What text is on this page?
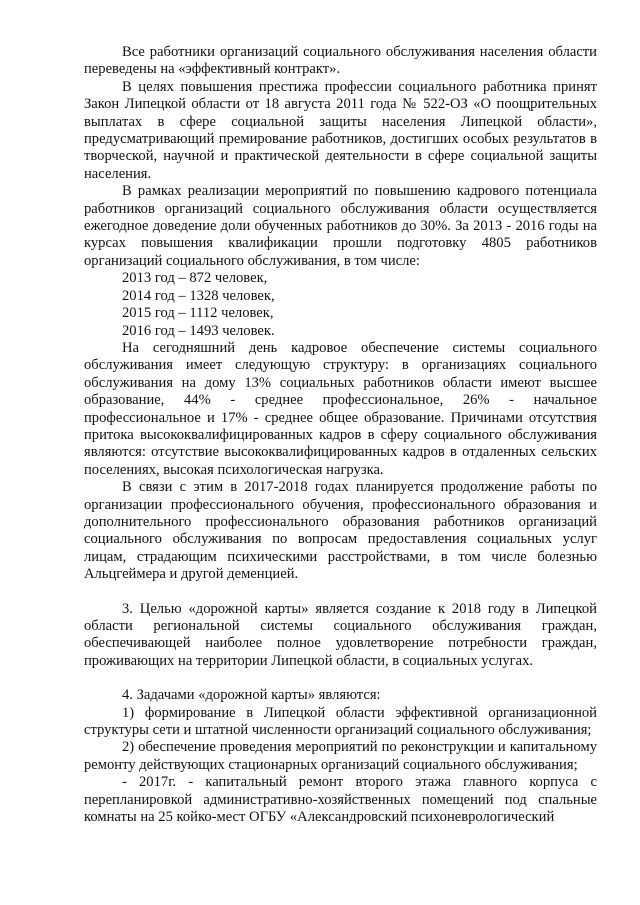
Все работники организаций социального обслуживания населения области переведены на «эффективный контракт».

В целях повышения престижа профессии социального работника принят Закон Липецкой области от 18 августа 2011 года № 522-ОЗ «О поощрительных выплатах в сфере социальной защиты населения Липецкой области», предусматривающий премирование работников, достигших особых результатов в творческой, научной и практической деятельности в сфере социальной защиты населения.

В рамках реализации мероприятий по повышению кадрового потенциала работников организаций социального обслуживания области осуществляется ежегодное доведение доли обученных работников до 30%. За 2013 - 2016 годы на курсах повышения квалификации прошли подготовку 4805 работников организаций социального обслуживания, в том числе:

2013 год – 872 человек,

2014 год – 1328 человек,

2015 год – 1112 человек,

2016 год – 1493 человек.

На сегодняшний день кадровое обеспечение системы социального обслуживания имеет следующую структуру: в организациях социального обслуживания на дому 13% социальных работников области имеют высшее образование, 44% - среднее профессиональное, 26% - начальное профессиональное и 17% - среднее общее образование. Причинами отсутствия притока высококвалифицированных кадров в сферу социального обслуживания являются: отсутствие высококвалифицированных кадров в отдаленных сельских поселениях, высокая психологическая нагрузка.

В связи с этим в 2017-2018 годах планируется продолжение работы по организации профессионального обучения, профессионального образования и дополнительного профессионального образования работников организаций социального обслуживания по вопросам предоставления социальных услуг лицам, страдающим психическими расстройствами, в том числе болезнью Альцгеймера и другой деменцией.

3. Целью «дорожной карты» является создание к 2018 году в Липецкой области региональной системы социального обслуживания граждан, обеспечивающей наиболее полное удовлетворение потребности граждан, проживающих на территории Липецкой области, в социальных услугах.

4. Задачами «дорожной карты» являются:

1) формирование в Липецкой области эффективной организационной структуры сети и штатной численности организаций социального обслуживания;

2) обеспечение проведения мероприятий по реконструкции и капитальному ремонту действующих стационарных организаций социального обслуживания;

- 2017г. - капитальный ремонт второго этажа главного корпуса с перепланировкой административно-хозяйственных помещений под спальные комнаты на 25 койко-мест ОГБУ «Александровский психоневрологический
